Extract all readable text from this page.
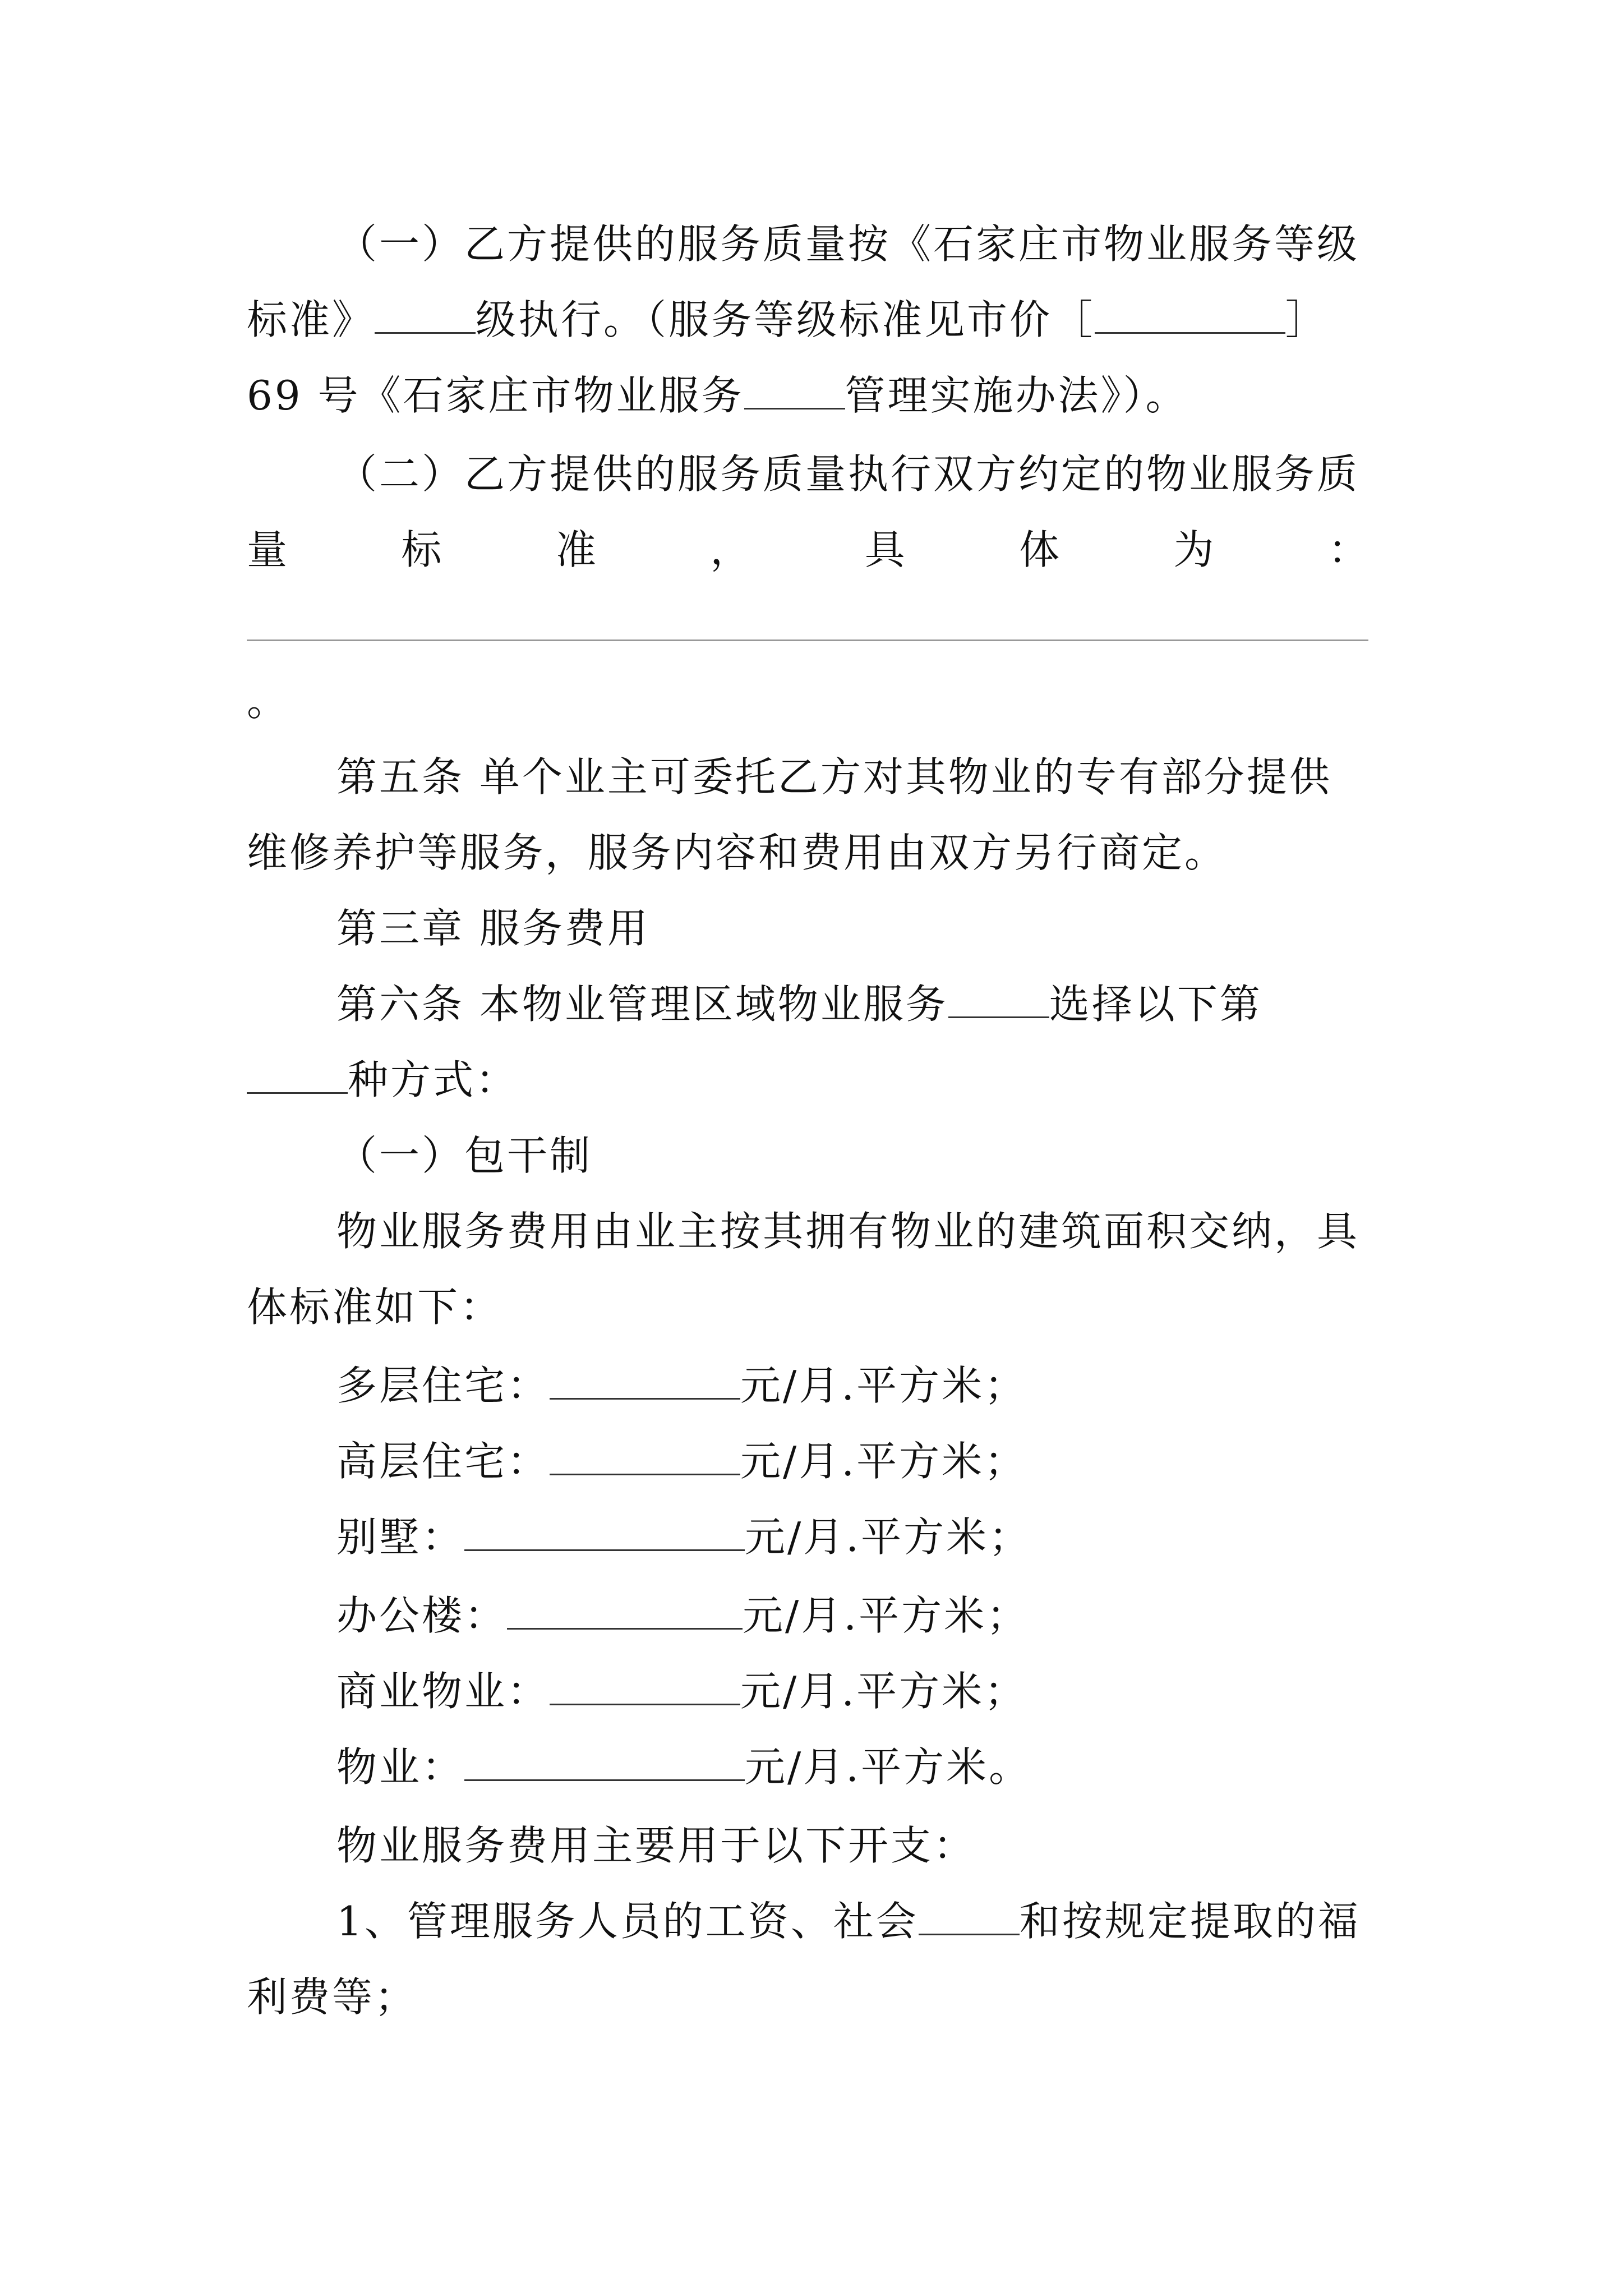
（一）乙方提供的服务质量按《石家庄市物业服务等级
标准》	级执行。（服务等级标准见市价［	］
69 号《石家庄市物业服务	管理实施办法》）。
（二）乙方提供的服务质量执行双方约定的物业服务质
量	标	准	，	具	体	为	：
。
第五条 单个业主可委托乙方对其物业的专有部分提供
维修养护等服务，服务内容和费用由双方另行商定。
第三章 服务费用
第六条 本物业管理区域物业服务	选择以下第
种方式：
（一）包干制
物业服务费用由业主按其拥有物业的建筑面积交纳，具
体标准如下：
多层住宅：	元/月.平方米；
高层住宅：	元/月.平方米；
别墅：	元/月.平方米；
办公楼：	元/月.平方米；
商业物业：	元/月.平方米；
物业：	元/月.平方米。
物业服务费用主要用于以下开支：
1、管理服务人员的工资、社会	和按规定提取的福
利费等；
